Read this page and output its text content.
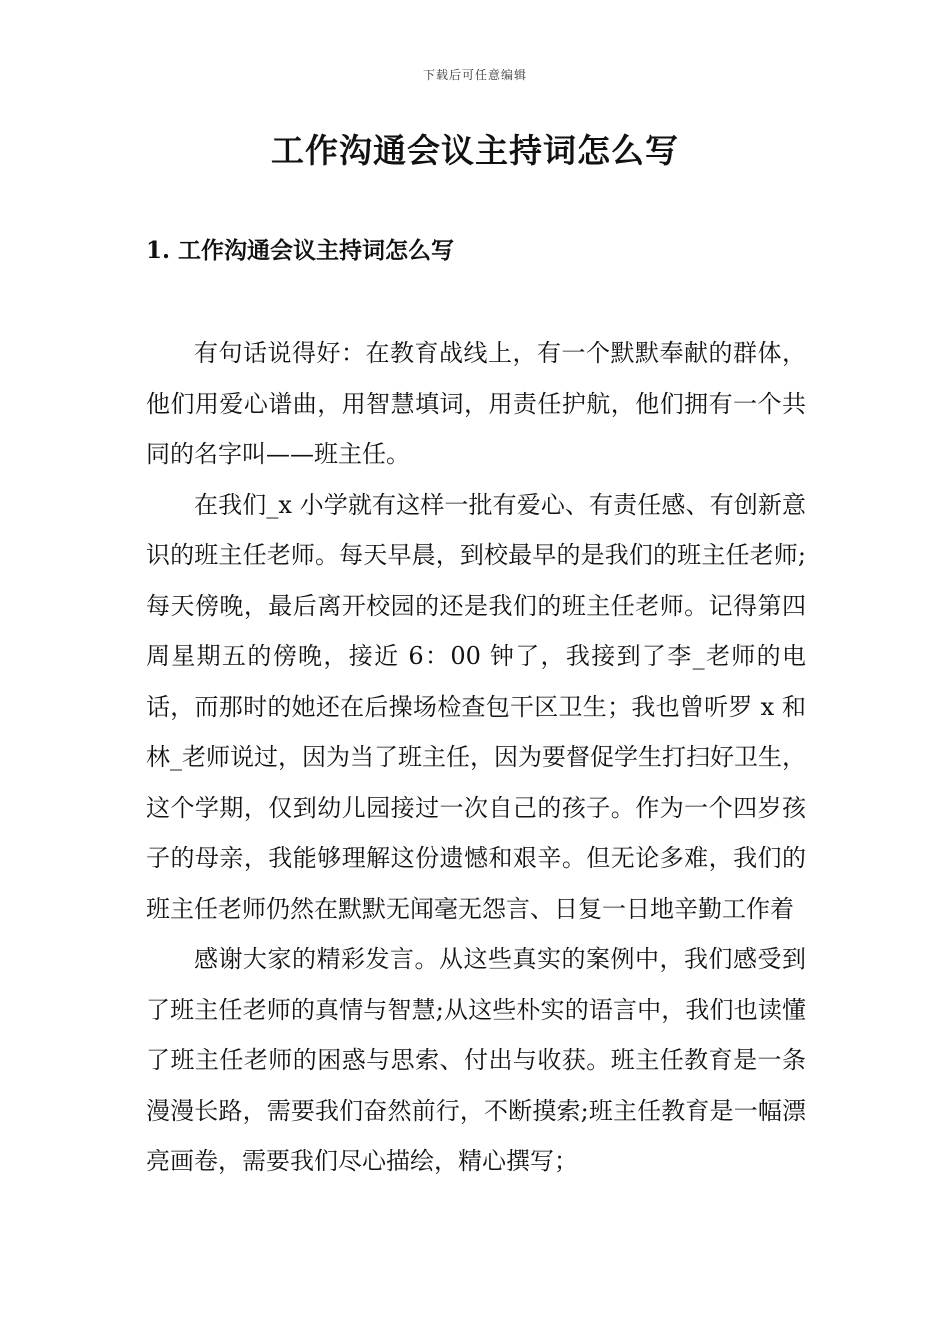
下载后可任意编辑
工作沟通会议主持词怎么写
1. 工作沟通会议主持词怎么写

有句话说得好：在教育战线上，有一个默默奉献的群体，他们用爱心谱曲，用智慧填词，用责任护航，他们拥有一个共同的名字叫——班主任。

在我们_x 小学就有这样一批有爱心、有责任感、有创新意识的班主任老师。每天早晨，到校最早的是我们的班主任老师;每天傍晚，最后离开校园的还是我们的班主任老师。记得第四周星期五的傍晚，接近 6：00 钟了，我接到了李_老师的电话，而那时的她还在后操场检查包干区卫生；我也曾听罗 x 和林_老师说过，因为当了班主任，因为要督促学生打扫好卫生，这个学期，仅到幼儿园接过一次自己的孩子。作为一个四岁孩子的母亲，我能够理解这份遗憾和艰辛。但无论多难，我们的班主任老师仍然在默默无闻毫无怨言、日复一日地辛勤工作着

感谢大家的精彩发言。从这些真实的案例中，我们感受到了班主任老师的真情与智慧;从这些朴实的语言中，我们也读懂了班主任老师的困惑与思索、付出与收获。班主任教育是一条漫漫长路，需要我们奋然前行，不断摸索;班主任教育是一幅漂亮画卷，需要我们尽心描绘，精心撰写；
